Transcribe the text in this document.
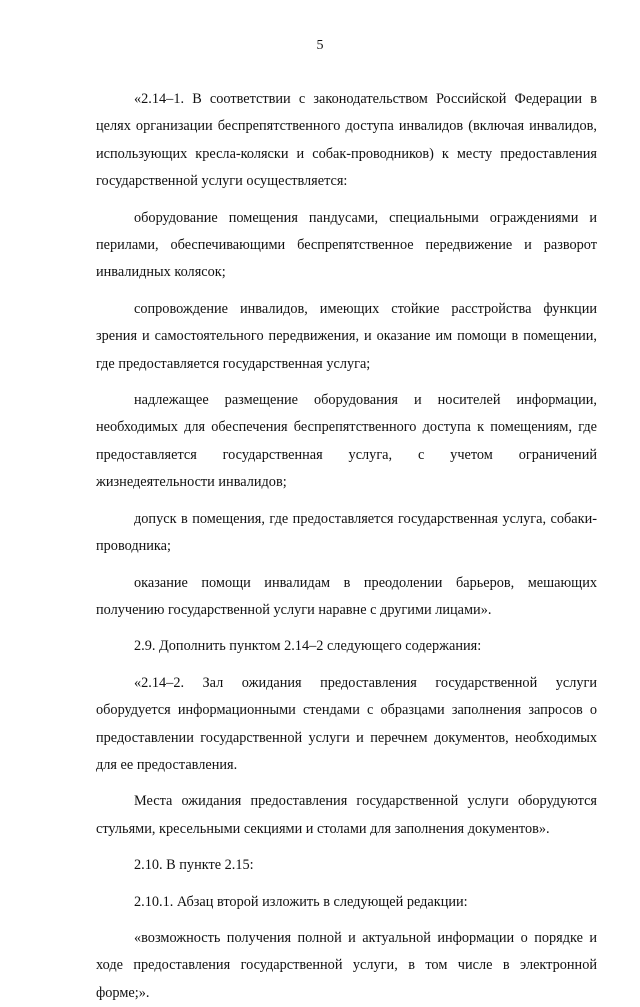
5

«2.14–1. В соответствии с законодательством Российской Федерации в целях организации беспрепятственного доступа инвалидов (включая инвалидов, использующих кресла-коляски и собак-проводников) к месту предоставления государственной услуги осуществляется:

оборудование помещения пандусами, специальными ограждениями и перилами, обеспечивающими беспрепятственное передвижение и разворот инвалидных колясок;

сопровождение инвалидов, имеющих стойкие расстройства функции зрения и самостоятельного передвижения, и оказание им помощи в помещении, где предоставляется государственная услуга;

надлежащее размещение оборудования и носителей информации, необходимых для обеспечения беспрепятственного доступа к помещениям, где предоставляется государственная услуга, с учетом ограничений жизнедеятельности инвалидов;

допуск в помещения, где предоставляется государственная услуга, собаки-проводника;

оказание помощи инвалидам в преодолении барьеров, мешающих получению государственной услуги наравне с другими лицами».

2.9. Дополнить пунктом 2.14–2 следующего содержания:

«2.14–2. Зал ожидания предоставления государственной услуги оборудуется информационными стендами с образцами заполнения запросов о предоставлении государственной услуги и перечнем документов, необходимых для ее предоставления.

Места ожидания предоставления государственной услуги оборудуются стульями, кресельными секциями и столами для заполнения документов».

2.10. В пункте 2.15:

2.10.1. Абзац второй изложить в следующей редакции:

«возможность получения полной и актуальной информации о порядке и ходе предоставления государственной услуги, в том числе в электронной форме;».
